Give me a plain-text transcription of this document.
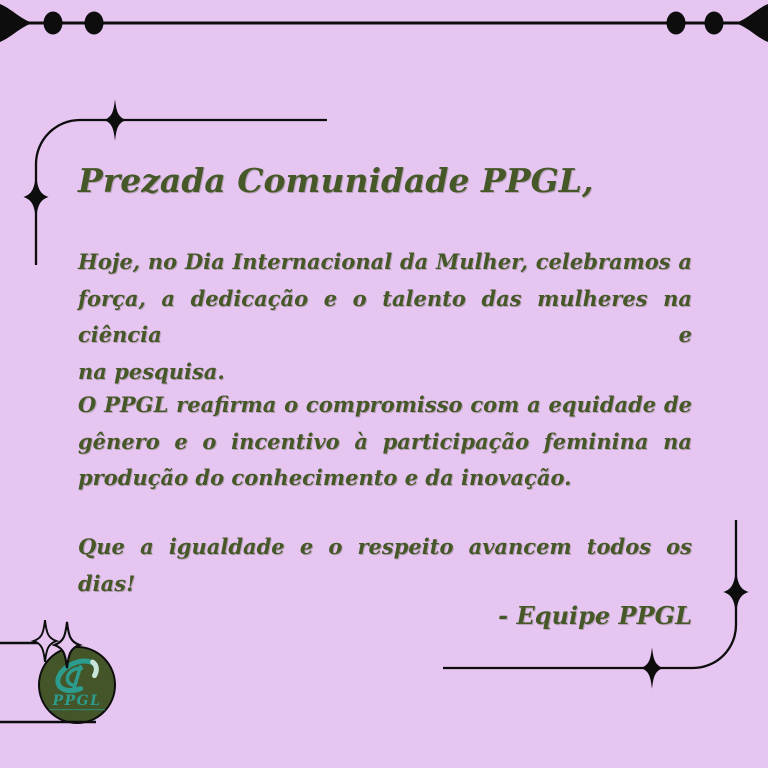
PPGL
Prezada Comunidade PPGL,
Hoje, no Dia Internacional da Mulher, celebramos a
força, a dedicação e o talento das mulheres na ciência e
na pesquisa.
O PPGL reafirma o compromisso com a equidade de
gênero e o incentivo à participação feminina na
produção do conhecimento e da inovação.
Que a igualdade e o respeito avancem todos os dias!
- Equipe PPGL
